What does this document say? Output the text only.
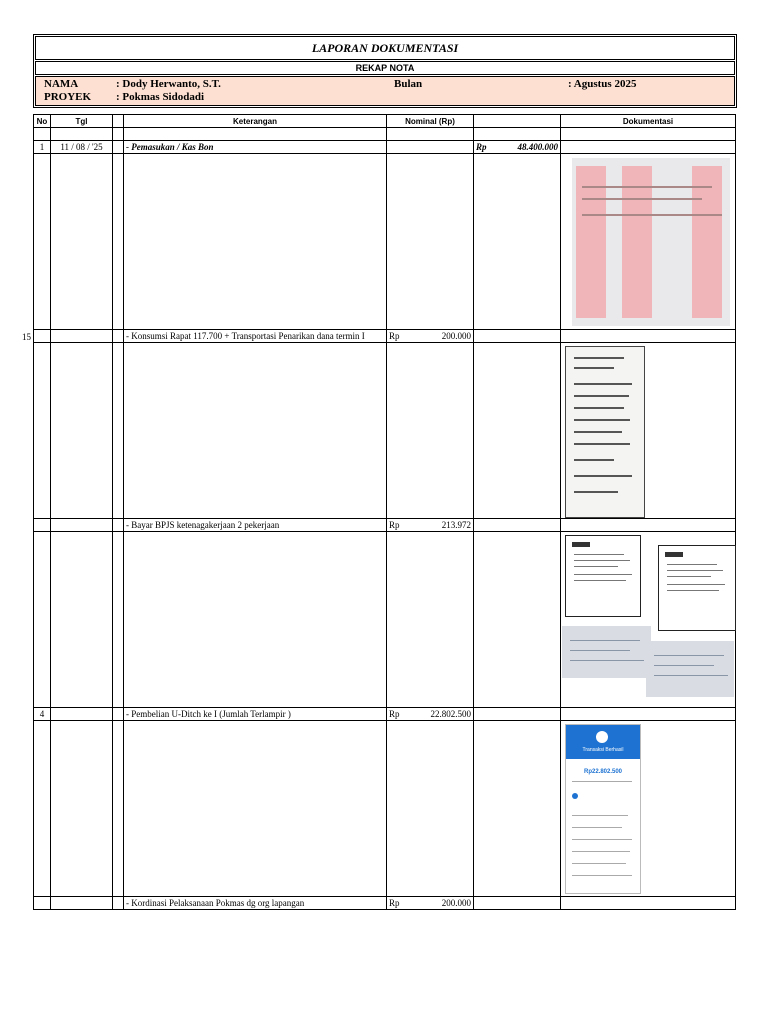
LAPORAN DOKUMENTASI
REKAP NOTA
NAMA	: Dody Herwanto, S.T.	Bulan	: Agustus 2025
PROYEK : Pokmas Sidodadi
15
No	Tgl		Keterangan	Nominal (Rp)		Dokumentasi

1	11 / 08 / '25		- Pemasukan / Kas Bon		Rp 48.400.000	

			- Konsumsi Rapat 117.700 + Transportasi Penarikan dana termin I	Rp 200.000		

			- Bayar BPJS ketenagakerjaan 2 pekerjaan	Rp 213.972		

4			- Pembelian U-Ditch ke I (Jumlah Terlampir )	Rp 22.802.500		

			- Kordinasi Pelaksanaan Pokmas dg org lapangan	Rp 200.000		

Transaksi Berhasil
Rp22.802.500
